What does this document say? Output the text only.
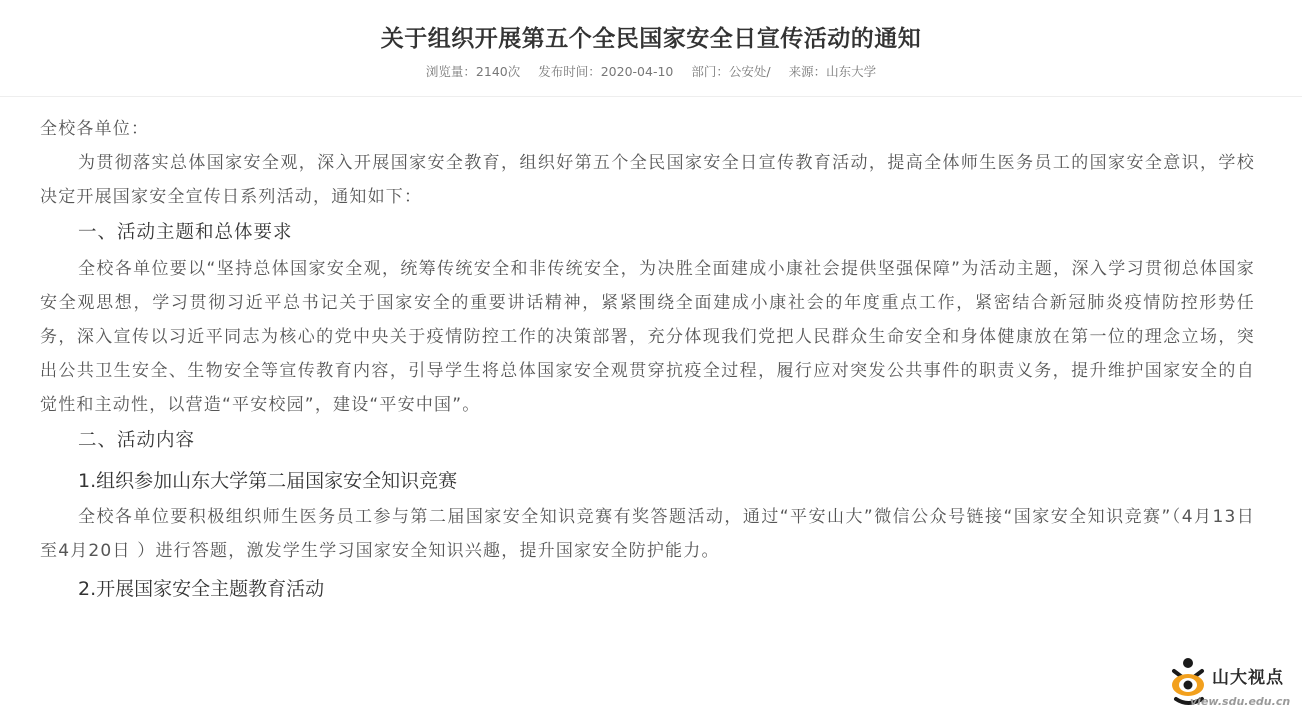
关于组织开展第五个全民国家安全日宣传活动的通知
浏览量：2140次 发布时间：2020-04-10 部门：公安处/ 来源：山东大学

全校各单位：

为贯彻落实总体国家安全观，深入开展国家安全教育，组织好第五个全民国家安全日宣传教育活动，提高全体师生医务员工的国家安全意识，学校决定开展国家安全宣传日系列活动，通知如下：

一、活动主题和总体要求

全校各单位要以“坚持总体国家安全观，统筹传统安全和非传统安全，为决胜全面建成小康社会提供坚强保障”为活动主题，深入学习贯彻总体国家安全观思想，学习贯彻习近平总书记关于国家安全的重要讲话精神，紧紧围绕全面建成小康社会的年度重点工作，紧密结合新冠肺炎疫情防控形势任务，深入宣传以习近平同志为核心的党中央关于疫情防控工作的决策部署，充分体现我们党把人民群众生命安全和身体健康放在第一位的理念立场，突出公共卫生安全、生物安全等宣传教育内容，引导学生将总体国家安全观贯穿抗疫全过程，履行应对突发公共事件的职责义务，提升维护国家安全的自觉性和主动性，以营造“平安校园”，建设“平安中国”。

二、活动内容

1.组织参加山东大学第二届国家安全知识竞赛

全校各单位要积极组织师生医务员工参与第二届国家安全知识竞赛有奖答题活动，通过“平安山大”微信公众号链接“国家安全知识竞赛”（4月13日至4月20日 ）进行答题，激发学生学习国家安全知识兴趣，提升国家安全防护能力。

2.开展国家安全主题教育活动

山大视点
view.sdu.edu.cn
